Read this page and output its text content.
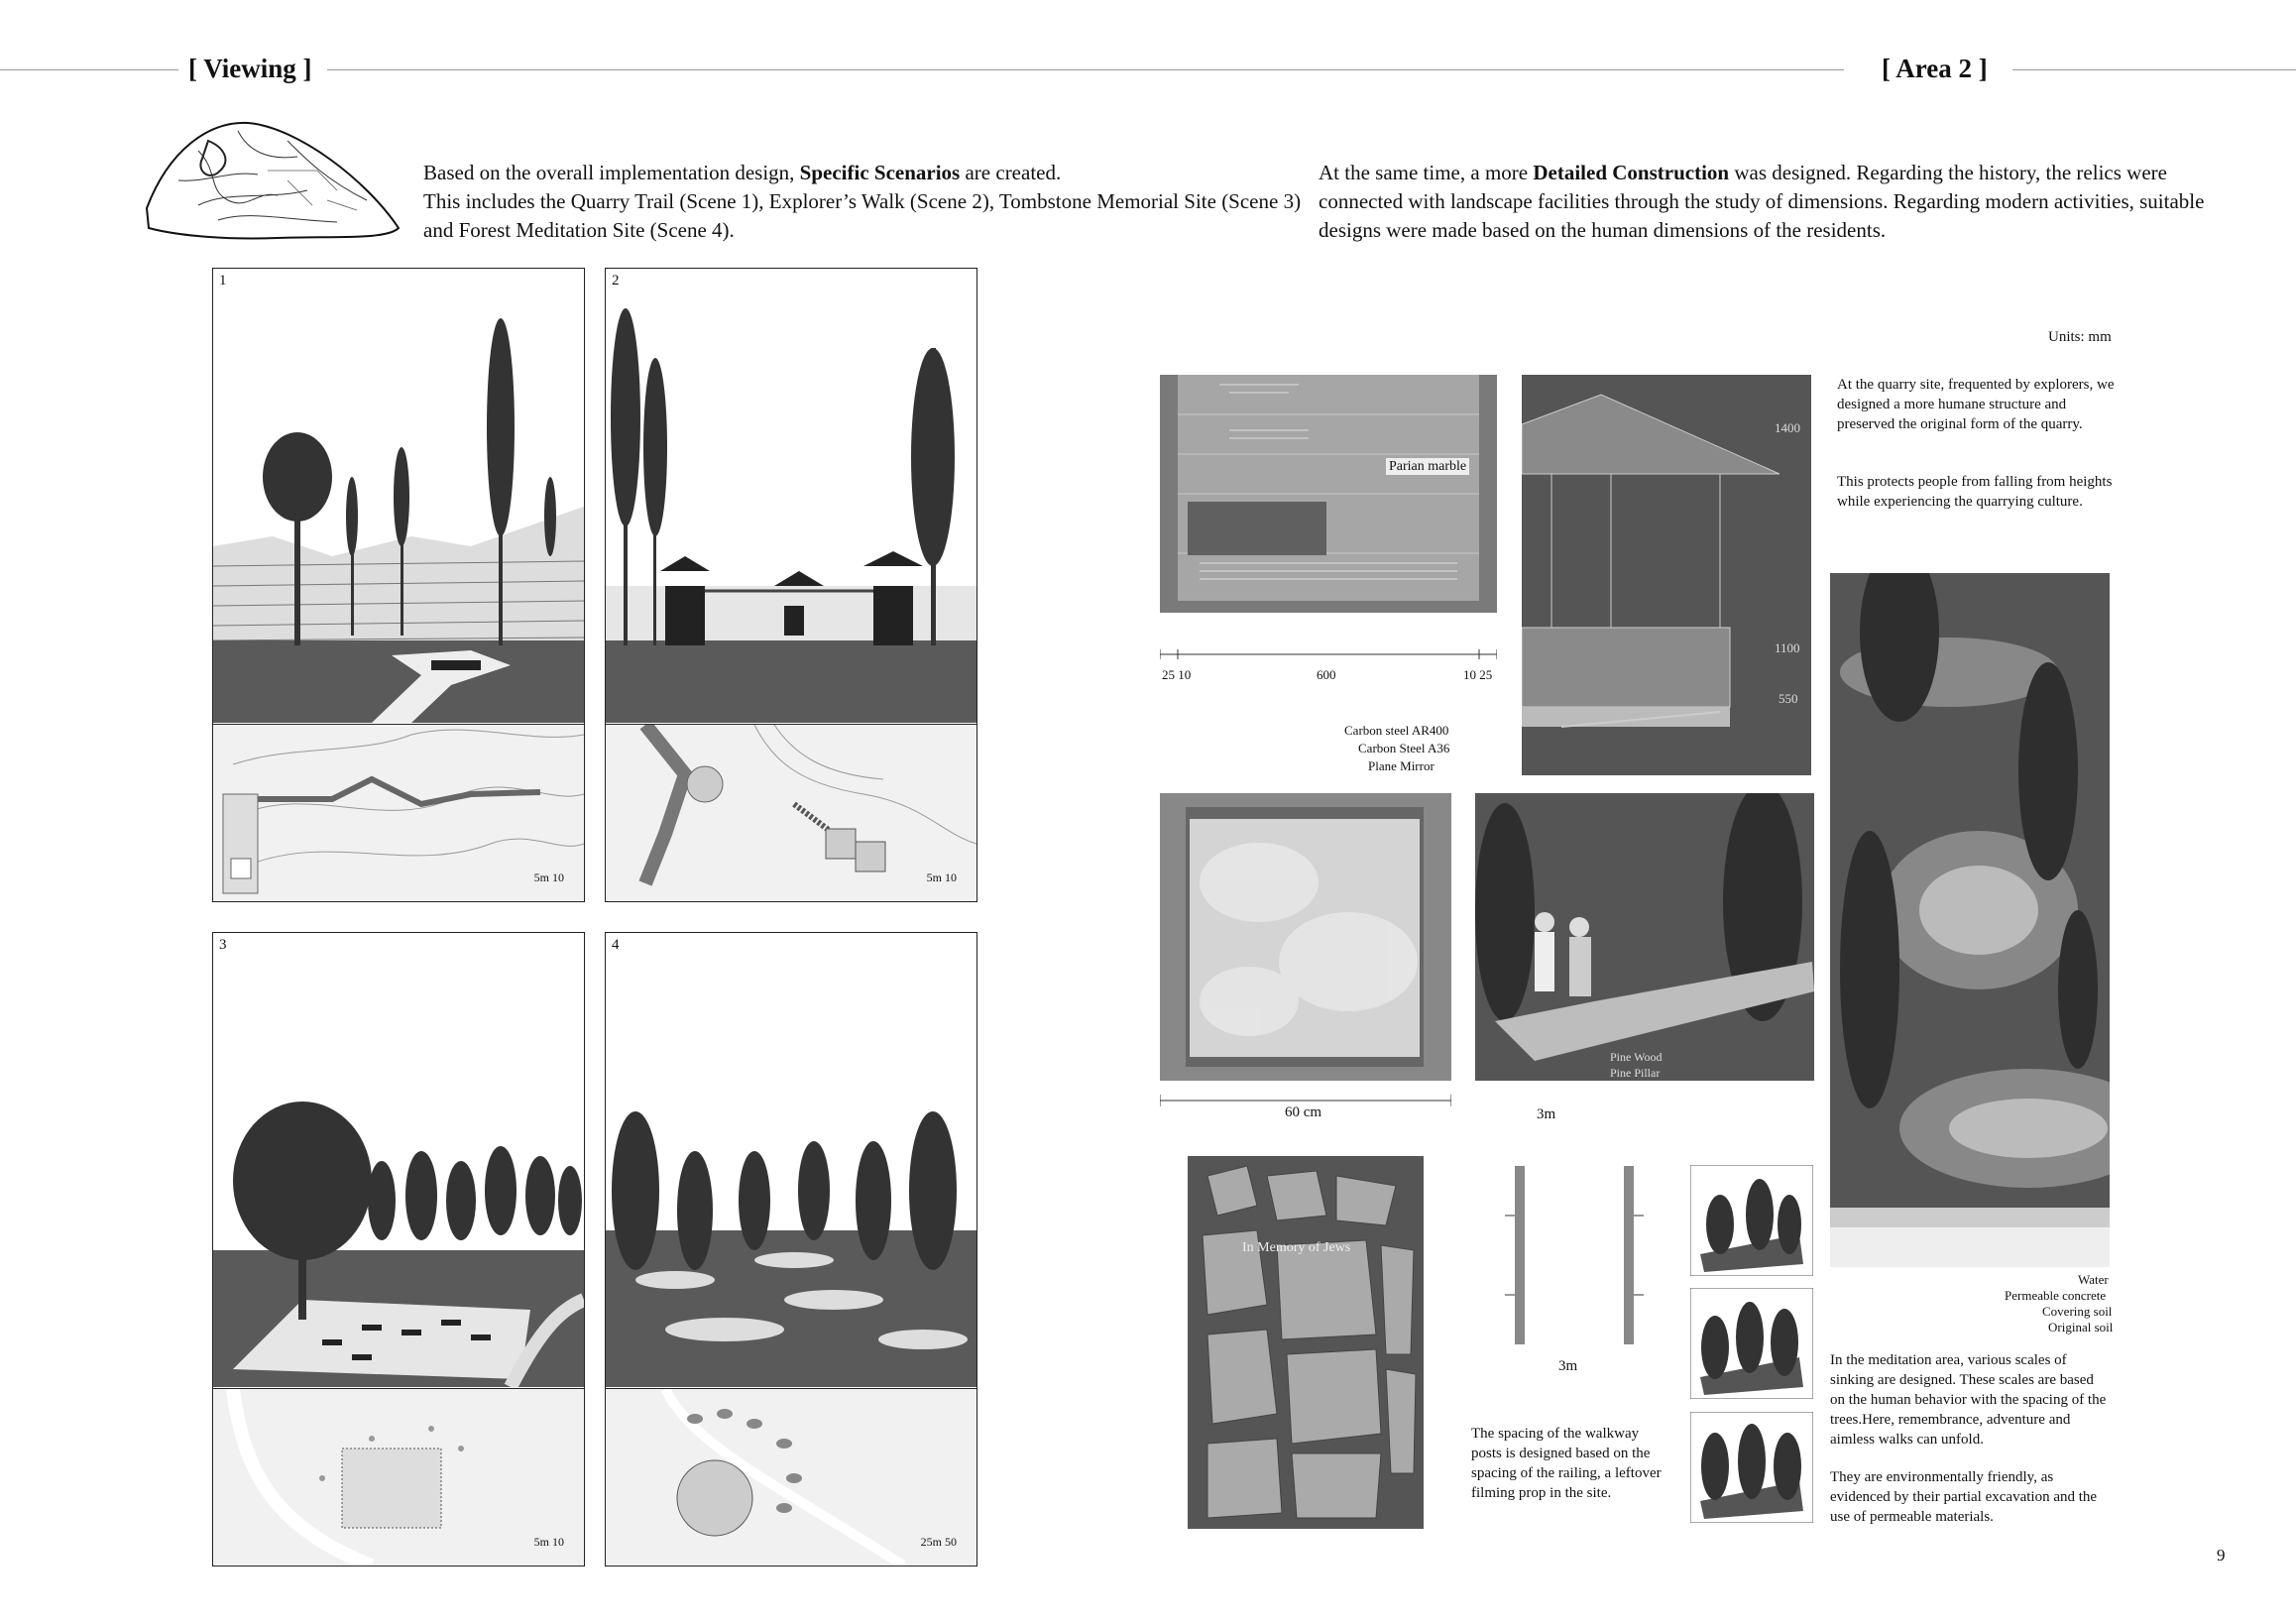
[ Viewing ]	[ Area 2 ]
Based on the overall implementation design, Specific Scenarios are created.
This includes the Quarry Trail (Scene 1), Explorer’s Walk (Scene 2), Tombstone Memorial Site (Scene 3) and Forest Meditation Site (Scene 4).
At the same time, a more Detailed Construction was designed. Regarding the history, the relics were connected with landscape facilities through the study of dimensions. Regarding modern activities, suitable designs were made based on the human dimensions of the residents.
1
5m 10
2
5m 10
3
5m 10
4
25m 50
Units: mm
Parian marble
25 10	600	10 25
1400
1100
550
At the quarry site, frequented by explorers, we designed a more humane structure and preserved the original form of the quarry.
This protects people from falling from heights while experiencing the quarrying culture.
Water
Permeable concrete
Covering soil
Original soil
Carbon steel AR400
Carbon Steel A36
Plane Mirror
60 cm
Pine Wood
Pine Pillar
In Memory of Jews
3m
3m
The spacing of the walkway posts is designed based on the spacing of the railing, a leftover filming prop in the site.
In the meditation area, various scales of sinking are designed. These scales are based on the human behavior with the spacing of the trees.Here, remembrance, adventure and aimless walks can unfold.
They are environmentally friendly, as evidenced by their partial excavation and the use of permeable materials.
9
